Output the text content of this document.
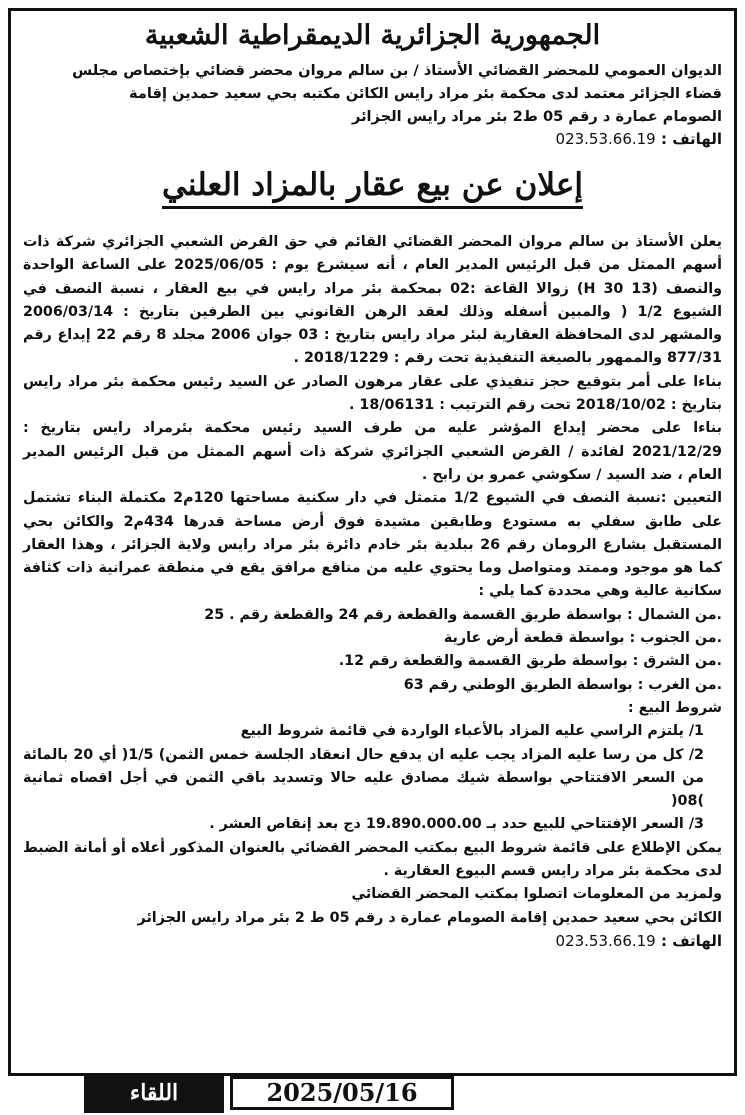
الجمهورية الجزائرية الديمقراطية الشعبية
الديوان العمومي للمحضر القضائي الأستاذ / بن سالم مروان محضر قضائي بإختصاص مجلس
قضاء الجزائر معتمد لدى محكمة بئر مراد رايس الكائن مكتبه بحي سعيد حمدين إقامة
الصومام عمارة د رقم 05 ط2 بئر مراد رايس الجزائر
الهاتف : 023.53.66.19
إعلان عن بيع عقار بالمزاد العلني

يعلن الأستاذ بن سالم مروان المحضر القضائي القائم في حق القرض الشعبي الجزائري شركة ذات أسهم الممثل من قبل الرئيس المدير العام ، أنه سيشرع يوم : 2025/06/05 على الساعة الواحدة والنصف (H 30 13) زوالا القاعة :02 بمحكمة بئر مراد رايس في بيع العقار ، نسبة النصف في الشيوع 1/2 ( والمبين أسفله وذلك لعقد الرهن القانوني بين الطرفين بتاريخ : 2006/03/14 والمشهر لدى المحافظة العقارية لبئر مراد رايس بتاريخ : 03 جوان 2006 مجلد 8 رقم 22 إيداع رقم 877/31 والممهور بالصيغة التنفيذية تحت رقم : 2018/1229 .

بناءا على أمر بتوقيع حجز تنفيذي على عقار مرهون الصادر عن السيد رئيس محكمة بئر مراد رايس بتاريخ : 2018/10/02 تحت رقم الترتيب : 18/06131 .

بناءا على محضر إيداع المؤشر عليه من طرف السيد رئيس محكمة بئرمراد رايس بتاريخ : 2021/12/29 لفائدة / القرض الشعبي الجزائري شركة ذات أسهم الممثل من قبل الرئيس المدير العام ، ضد السيد / سكوشي عمرو بن رابح .

التعيين :نسبة النصف في الشيوع 1/2 متمثل في دار سكنية مساحتها 120م2 مكتملة البناء تشتمل على طابق سفلي به مستودع وطابقين مشيدة فوق أرض مساحة قدرها 434م2 والكائن بحي المستقبل بشارع الرومان رقم 26 ببلدية بئر خادم دائرة بئر مراد رايس ولاية الجزائر ، وهذا العقار كما هو موجود وممتد ومتواصل وما يحتوي عليه من منافع مرافق يقع في منطقة عمرانية ذات كثافة سكانية عالية وهي محددة كما يلي :

.من الشمال : بواسطة طريق القسمة والقطعة رقم 24 والقطعة رقم . 25
.من الجنوب : بواسطة قطعة أرض عارية
.من الشرق : بواسطة طريق القسمة والقطعة رقم 12.
.من الغرب : بواسطة الطريق الوطني رقم 63
شروط البيع :
1/ يلتزم الراسي عليه المزاد بالأعباء الواردة في قائمة شروط البيع

2/ كل من رسا عليه المزاد يجب عليه ان يدفع حال انعقاد الجلسة خمس الثمن) 1/5( أي 20 بالمائة من السعر الافتتاحي بواسطة شيك مصادق عليه حالا وتسديد باقي الثمن في أجل اقصاه ثمانية )08(

3/ السعر الإفتتاحي للبيع حدد بـ 19.890.000.00 دج بعد إنقاص العشر .

يمكن الإطلاع على قائمة شروط البيع بمكتب المحضر القضائي بالعنوان المذكور أعلاه أو أمانة الضبط لدى محكمة بئر مراد رايس قسم البيوع العقارية .

ولمزيد من المعلومات اتصلوا بمكتب المحضر القضائي
الكائن بحي سعيد حمدين إقامة الصومام عمارة د رقم 05 ط 2 بئر مراد رايس الجزائر
الهاتف : 023.53.66.19
اللقاء	2025/05/16
